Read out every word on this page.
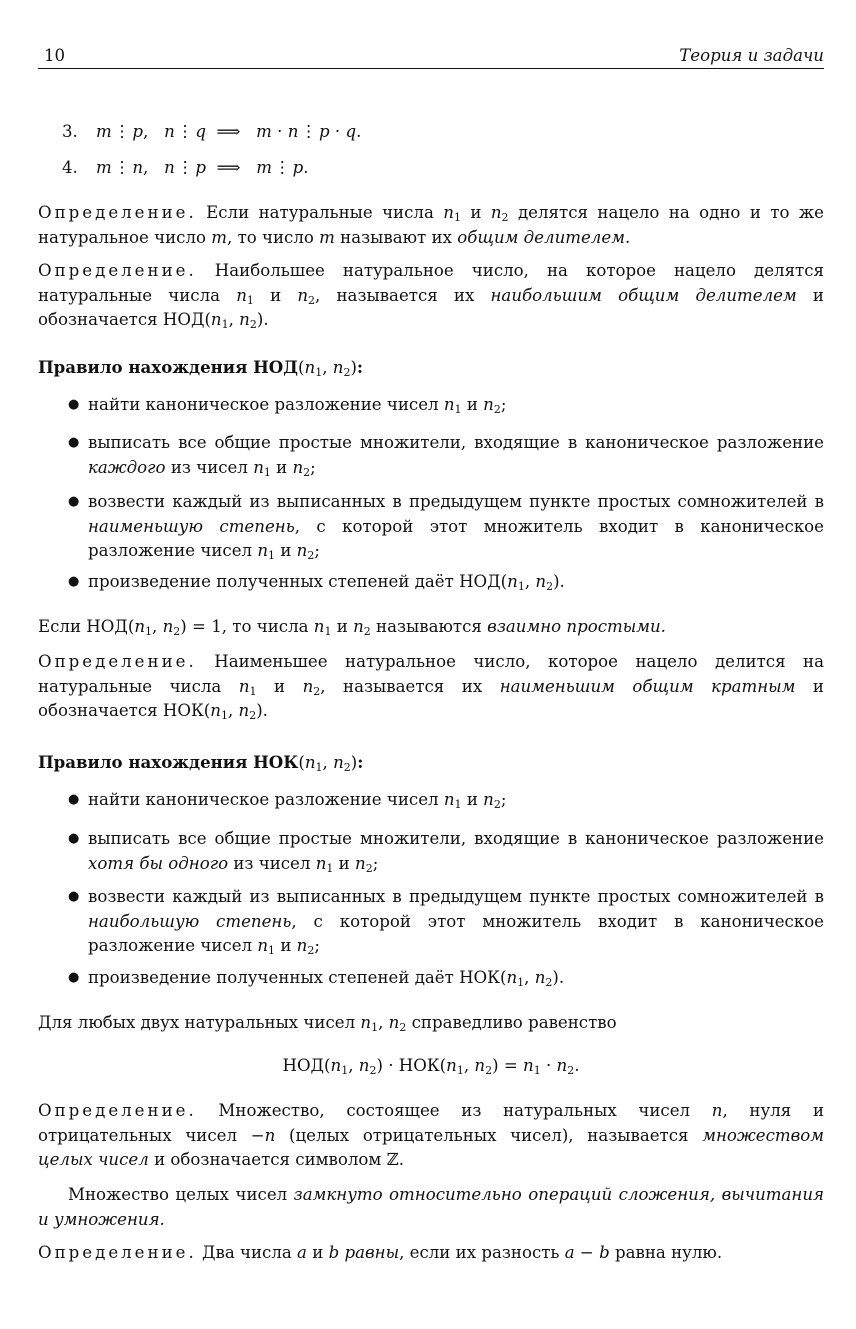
10	Теория и задачи
3. m ⋮ p,   n ⋮ q  ⟹   m · n ⋮ p · q.
4. m ⋮ n,   n ⋮ p  ⟹   m ⋮ p.

Определение. Если натуральные числа $n_1$ и $n_2$ делятся нацело на одно и то же натуральное число m, то число m называют их общим делителем.

Определение. Наибольшее натуральное число, на которое нацело делятся натуральные числа $n_1$ и $n_2$, называется их наибольшим общим делителем и обозначается $НОД(n_1$, $n_2$).

Правило нахождения $НОД(n_1$, $n_2$):
● найти каноническое разложение чисел $n_1$ и $n_2$;
● выписать все общие простые множители, входящие в каноническое разложение каждого из чисел $n_1$ и $n_2$;
● возвести каждый из выписанных в предыдущем пункте простых сомножителей в наименьшую степень, с которой этот множитель входит в каноническое разложение чисел $n_1$ и $n_2$;
● произведение полученных степеней даёт $НОД(n_1$, $n_2$).
Если $НОД(n_1$, $n_2) = 1$, то числа $n_1$ и $n_2$ называются взаимно простыми.

Определение. Наименьшее натуральное число, которое нацело делится на натуральные числа $n_1$ и $n_2$, называется их наименьшим общим кратным и обозначается $НОК(n_1$, $n_2$).

Правило нахождения $НОК(n_1$, $n_2$):
● найти каноническое разложение чисел $n_1$ и $n_2$;
● выписать все общие простые множители, входящие в каноническое разложение хотя бы одного из чисел $n_1$ и $n_2$;
● возвести каждый из выписанных в предыдущем пункте простых сомножителей в наибольшую степень, с которой этот множитель входит в каноническое разложение чисел $n_1$ и $n_2$;
● произведение полученных степеней даёт $НОК(n_1$, $n_2$).
Для любых двух натуральных чисел $n_1$, $n_2$ справедливо равенство
$НОД(n_1$, $n_2) \cdot НОК(n_1$, $n_2) = n_1 \cdot n_2$.

Определение. Множество, состоящее из натуральных чисел n, нуля и отрицательных чисел −n (целых отрицательных чисел), называется множеством целых чисел и обозначается символом ℤ.

Множество целых чисел замкнуто относительно операций сложения, вычитания и умножения.

Определение. Два числа a и b равны, если их разность a − b равна нулю.
